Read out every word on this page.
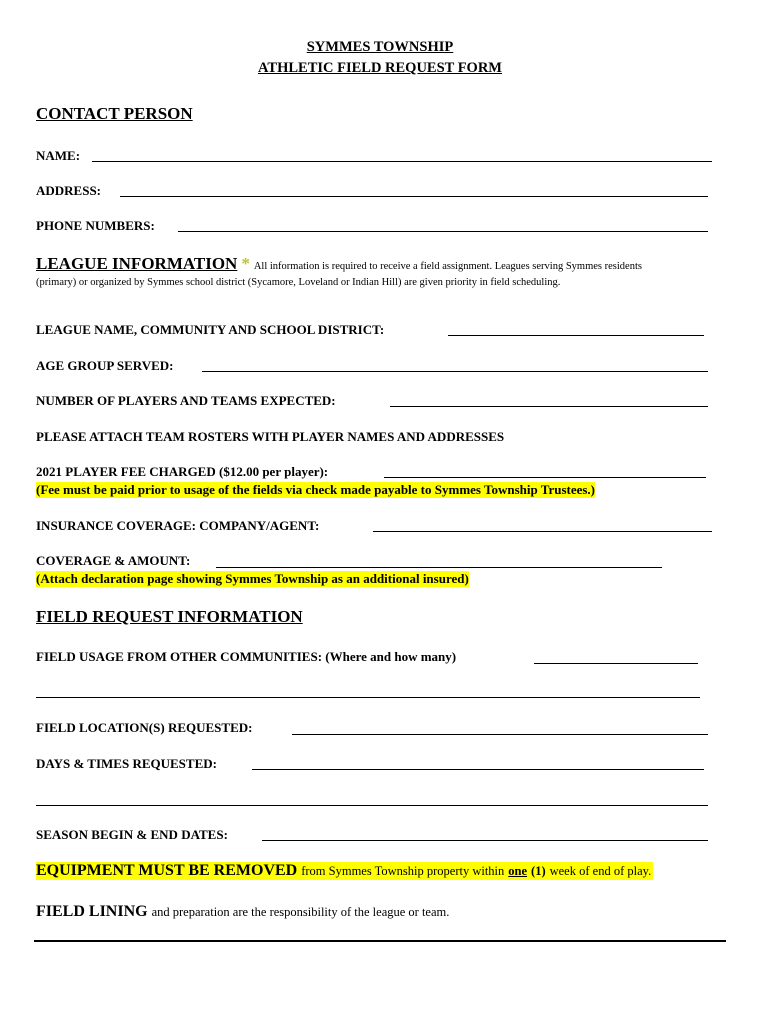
SYMMES TOWNSHIP
ATHLETIC FIELD REQUEST FORM
CONTACT PERSON
NAME:
ADDRESS:
PHONE NUMBERS:
LEAGUE INFORMATION * All information is required to receive a field assignment. Leagues serving Symmes residents
(primary) or organized by Symmes school district (Sycamore, Loveland or Indian Hill) are given priority in field scheduling.
LEAGUE NAME, COMMUNITY AND SCHOOL DISTRICT:
AGE GROUP SERVED:
NUMBER OF PLAYERS AND TEAMS EXPECTED:
PLEASE ATTACH TEAM ROSTERS WITH PLAYER NAMES AND ADDRESSES
2021 PLAYER FEE CHARGED ($12.00 per player):
(Fee must be paid prior to usage of the fields via check made payable to Symmes Township Trustees.)
INSURANCE COVERAGE: COMPANY/AGENT:
COVERAGE & AMOUNT:
(Attach declaration page showing Symmes Township as an additional insured)
FIELD REQUEST INFORMATION
FIELD USAGE FROM OTHER COMMUNITIES: (Where and how many)
FIELD LOCATION(S) REQUESTED:
DAYS & TIMES REQUESTED:
SEASON BEGIN & END DATES:
EQUIPMENT MUST BE REMOVED from Symmes Township property within one (1) week of end of play.
FIELD LINING and preparation are the responsibility of the league or team.
